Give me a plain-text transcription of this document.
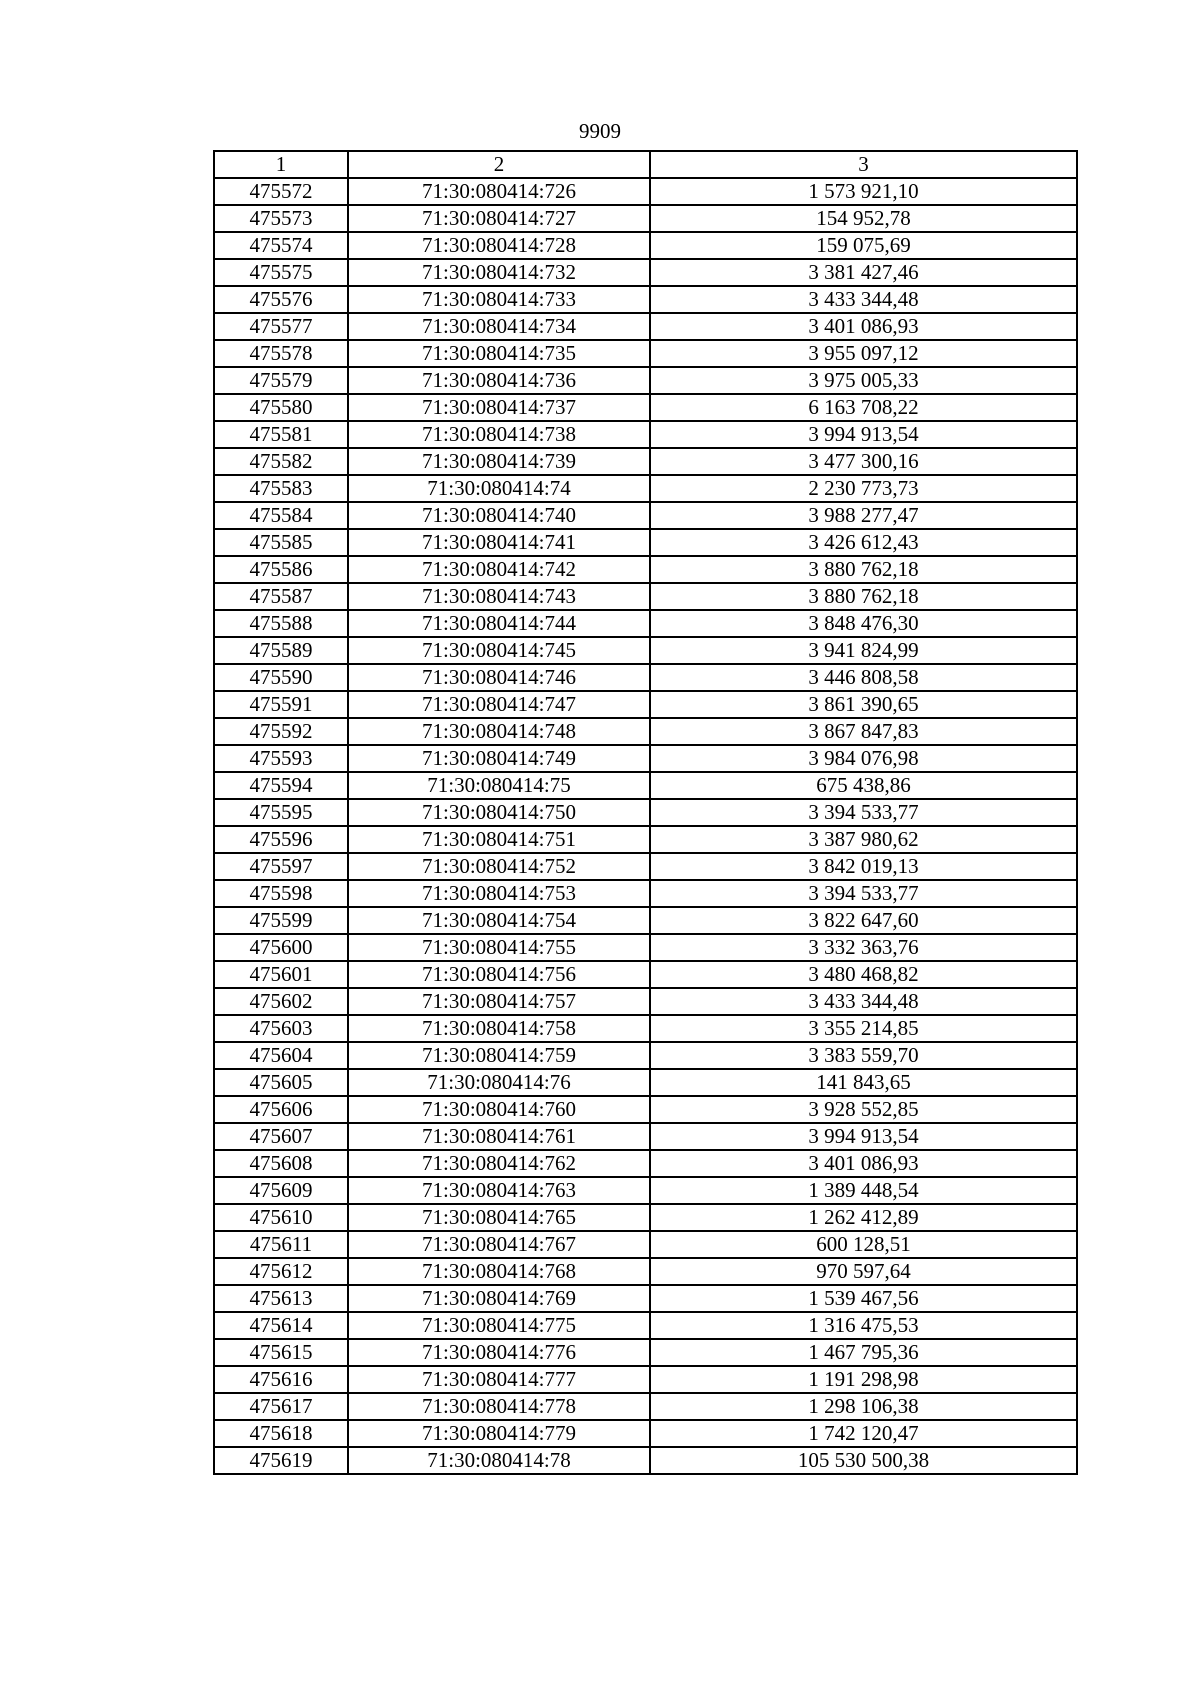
9909
1	2	3
475572	71:30:080414:726	1 573 921,10
475573	71:30:080414:727	154 952,78
475574	71:30:080414:728	159 075,69
475575	71:30:080414:732	3 381 427,46
475576	71:30:080414:733	3 433 344,48
475577	71:30:080414:734	3 401 086,93
475578	71:30:080414:735	3 955 097,12
475579	71:30:080414:736	3 975 005,33
475580	71:30:080414:737	6 163 708,22
475581	71:30:080414:738	3 994 913,54
475582	71:30:080414:739	3 477 300,16
475583	71:30:080414:74	2 230 773,73
475584	71:30:080414:740	3 988 277,47
475585	71:30:080414:741	3 426 612,43
475586	71:30:080414:742	3 880 762,18
475587	71:30:080414:743	3 880 762,18
475588	71:30:080414:744	3 848 476,30
475589	71:30:080414:745	3 941 824,99
475590	71:30:080414:746	3 446 808,58
475591	71:30:080414:747	3 861 390,65
475592	71:30:080414:748	3 867 847,83
475593	71:30:080414:749	3 984 076,98
475594	71:30:080414:75	675 438,86
475595	71:30:080414:750	3 394 533,77
475596	71:30:080414:751	3 387 980,62
475597	71:30:080414:752	3 842 019,13
475598	71:30:080414:753	3 394 533,77
475599	71:30:080414:754	3 822 647,60
475600	71:30:080414:755	3 332 363,76
475601	71:30:080414:756	3 480 468,82
475602	71:30:080414:757	3 433 344,48
475603	71:30:080414:758	3 355 214,85
475604	71:30:080414:759	3 383 559,70
475605	71:30:080414:76	141 843,65
475606	71:30:080414:760	3 928 552,85
475607	71:30:080414:761	3 994 913,54
475608	71:30:080414:762	3 401 086,93
475609	71:30:080414:763	1 389 448,54
475610	71:30:080414:765	1 262 412,89
475611	71:30:080414:767	600 128,51
475612	71:30:080414:768	970 597,64
475613	71:30:080414:769	1 539 467,56
475614	71:30:080414:775	1 316 475,53
475615	71:30:080414:776	1 467 795,36
475616	71:30:080414:777	1 191 298,98
475617	71:30:080414:778	1 298 106,38
475618	71:30:080414:779	1 742 120,47
475619	71:30:080414:78	105 530 500,38
